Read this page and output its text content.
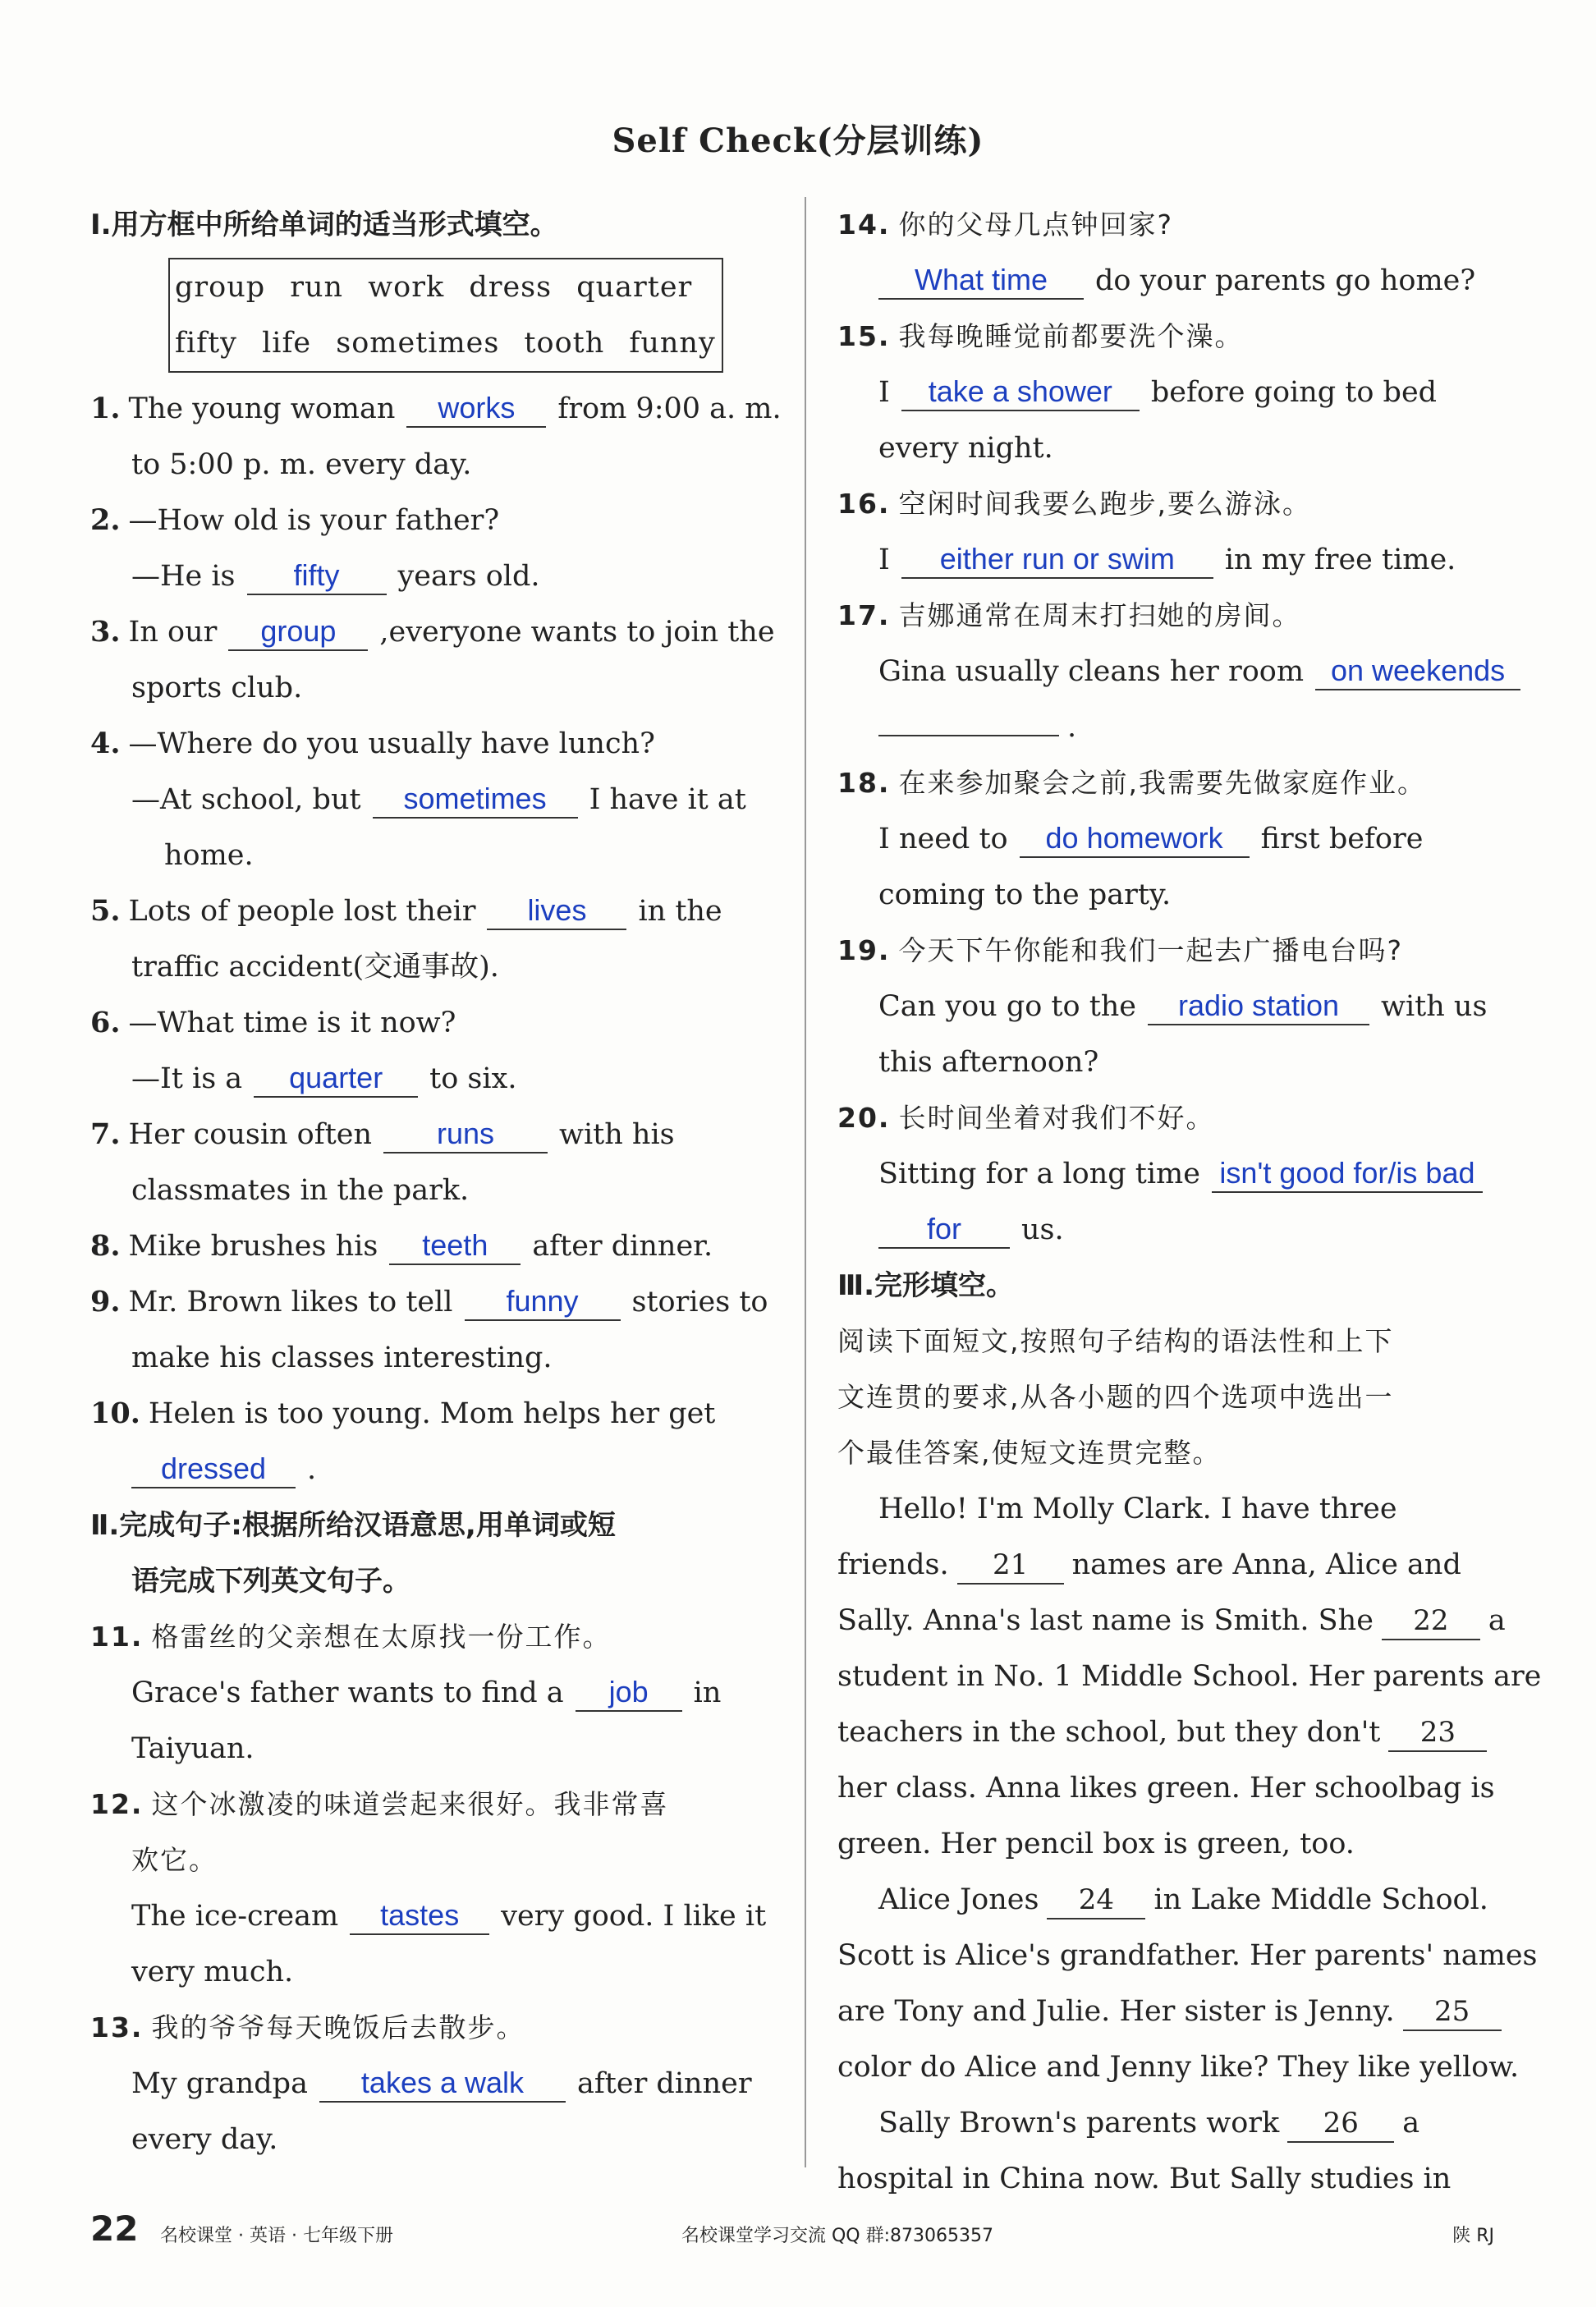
Self Check(分层训练)
Ⅰ.用方框中所给单词的适当形式填空。
group run work dress quarter
fifty life sometimes tooth funny
1. The young woman works from 9:00 a. m.
to 5:00 p. m. every day.
2. —How old is your father?
—He is fifty years old.
3. In our group ,everyone wants to join the
sports club.
4. —Where do you usually have lunch?
—At school, but sometimes I have it at
home.
5. Lots of people lost their lives in the
traffic accident(交通事故).
6. —What time is it now?
—It is a quarter to six.
7. Her cousin often runs with his
classmates in the park.
8. Mike brushes his teeth after dinner.
9. Mr. Brown likes to tell funny stories to
make his classes interesting.
10. Helen is too young. Mom helps her get
dressed .
Ⅱ.完成句子:根据所给汉语意思,用单词或短
语完成下列英文句子。
11. 格雷丝的父亲想在太原找一份工作。
Grace's father wants to find a job in
Taiyuan.
12. 这个冰激凌的味道尝起来很好。我非常喜
欢它。
The ice-cream tastes very good. I like it
very much.
13. 我的爷爷每天晚饭后去散步。
My grandpa takes a walk after dinner
every day.
14. 你的父母几点钟回家?
What time do your parents go home?
15. 我每晚睡觉前都要洗个澡。
I take a shower before going to bed
every night.
16. 空闲时间我要么跑步,要么游泳。
I either run or swim in my free time.
17. 吉娜通常在周末打扫她的房间。
Gina usually cleans her room on weekends
.
18. 在来参加聚会之前,我需要先做家庭作业。
I need to do homework first before
coming to the party.
19. 今天下午你能和我们一起去广播电台吗?
Can you go to the radio station with us
this afternoon?
20. 长时间坐着对我们不好。
Sitting for a long time isn't good for/is bad
for us.
Ⅲ.完形填空。
阅读下面短文,按照句子结构的语法性和上下
文连贯的要求,从各小题的四个选项中选出一
个最佳答案,使短文连贯完整。
Hello! I'm Molly Clark. I have three
friends. 21 names are Anna, Alice and
Sally. Anna's last name is Smith. She 22 a
student in No. 1 Middle School. Her parents are
teachers in the school, but they don't 23
her class. Anna likes green. Her schoolbag is
green. Her pencil box is green, too.
Alice Jones 24 in Lake Middle School.
Scott is Alice's grandfather. Her parents' names
are Tony and Julie. Her sister is Jenny. 25
color do Alice and Jenny like? They like yellow.
Sally Brown's parents work 26 a
hospital in China now. But Sally studies in
22 名校课堂 · 英语 · 七年级下册	名校课堂学习交流 QQ 群:873065357	陕 RJ
